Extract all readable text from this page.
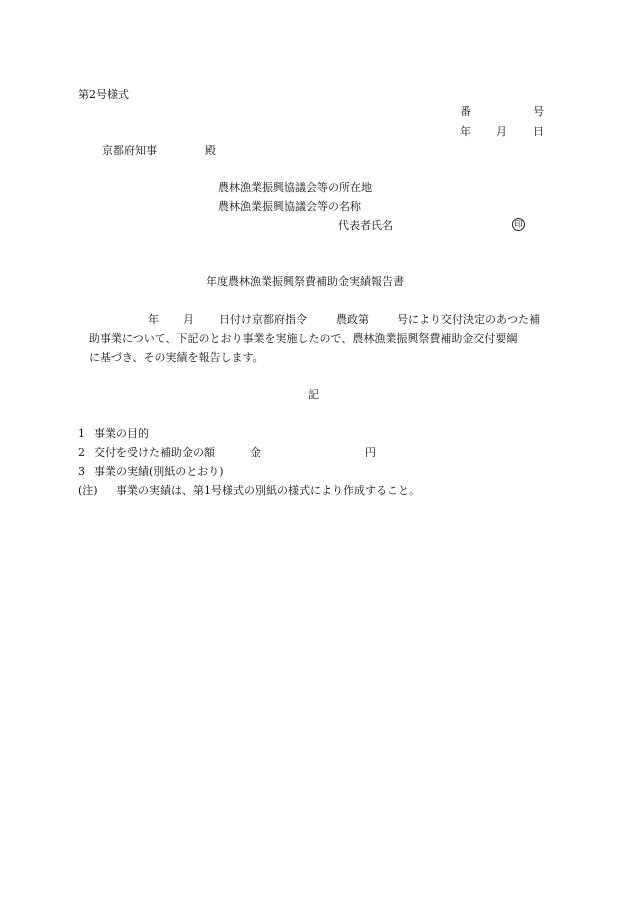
第2号様式
番	号
年 月 日
京都府知事	殿
農林漁業振興協議会等の所在地
農林漁業振興協議会等の名称
代表者氏名	印
年度農林漁業振興祭費補助金実績報告書
年 月 日付け京都府指令	農政第	号により交付決定のあつた補
助事業について、下記のとおり事業を実施したので、農林漁業振興祭費補助金交付要綱
に基づき、その実績を報告します。
記
1 事業の目的
2 交付を受けた補助金の額	金	円
3 事業の実績(別紙のとおり)
(注) 事業の実績は、第1号様式の別紙の様式により作成すること。
